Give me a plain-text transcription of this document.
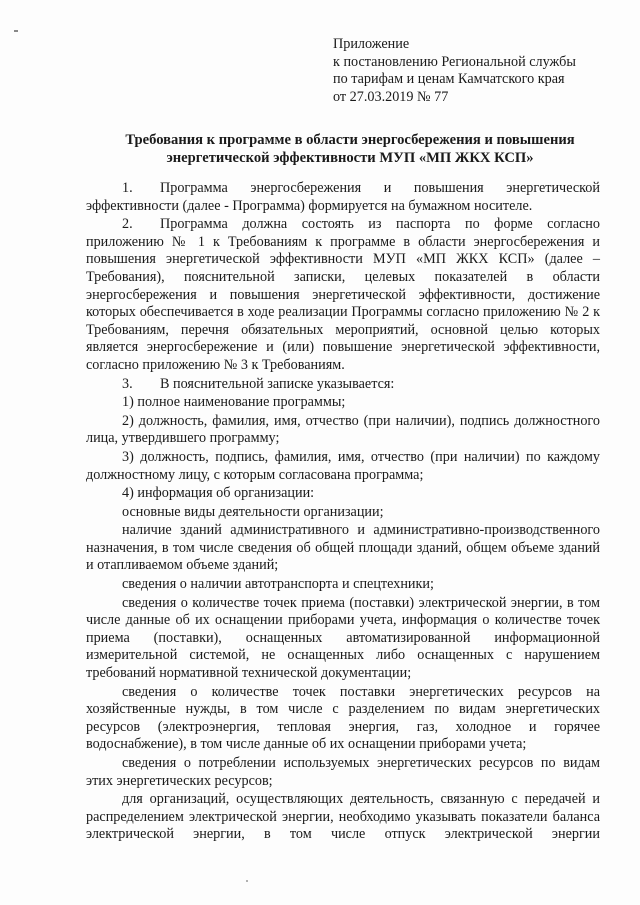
Приложение
к постановлению Региональной службы
по тарифам и ценам Камчатского края
от 27.03.2019 № 77
Требования к программе в области энергосбережения и повышения
энергетической эффективности МУП «МП ЖКХ КСП»

1. Программа энергосбережения и повышения энергетической эффективности (далее - Программа) формируется на бумажном носителе.

2. Программа должна состоять из паспорта по форме согласно приложению № 1 к Требованиям к программе в области энергосбережения и повышения энергетической эффективности МУП «МП ЖКХ КСП» (далее – Требования), пояснительной записки, целевых показателей в области энергосбережения и повышения энергетической эффективности, достижение которых обеспечивается в ходе реализации Программы согласно приложению № 2 к Требованиям, перечня обязательных мероприятий, основной целью которых является энергосбережение и (или) повышение энергетической эффективности, согласно приложению № 3 к Требованиям.

3. В пояснительной записке указывается:

1) полное наименование программы;

2) должность, фамилия, имя, отчество (при наличии), подпись должностного лица, утвердившего программу;

3) должность, подпись, фамилия, имя, отчество (при наличии) по каждому должностному лицу, с которым согласована программа;

4) информация об организации:

основные виды деятельности организации;

наличие зданий административного и административно-производственного назначения, в том числе сведения об общей площади зданий, общем объеме зданий и отапливаемом объеме зданий;

сведения о наличии автотранспорта и спецтехники;

сведения о количестве точек приема (поставки) электрической энергии, в том числе данные об их оснащении приборами учета, информация о количестве точек приема (поставки), оснащенных автоматизированной информационной измерительной системой, не оснащенных либо оснащенных с нарушением требований нормативной технической документации;

сведения о количестве точек поставки энергетических ресурсов на хозяйственные нужды, в том числе с разделением по видам энергетических ресурсов (электроэнергия, тепловая энергия, газ, холодное и горячее водоснабжение), в том числе данные об их оснащении приборами учета;

сведения о потреблении используемых энергетических ресурсов по видам этих энергетических ресурсов;

для организаций, осуществляющих деятельность, связанную с передачей и распределением электрической энергии, необходимо указывать показатели баланса электрической энергии, в том числе отпуск электрической энергии
